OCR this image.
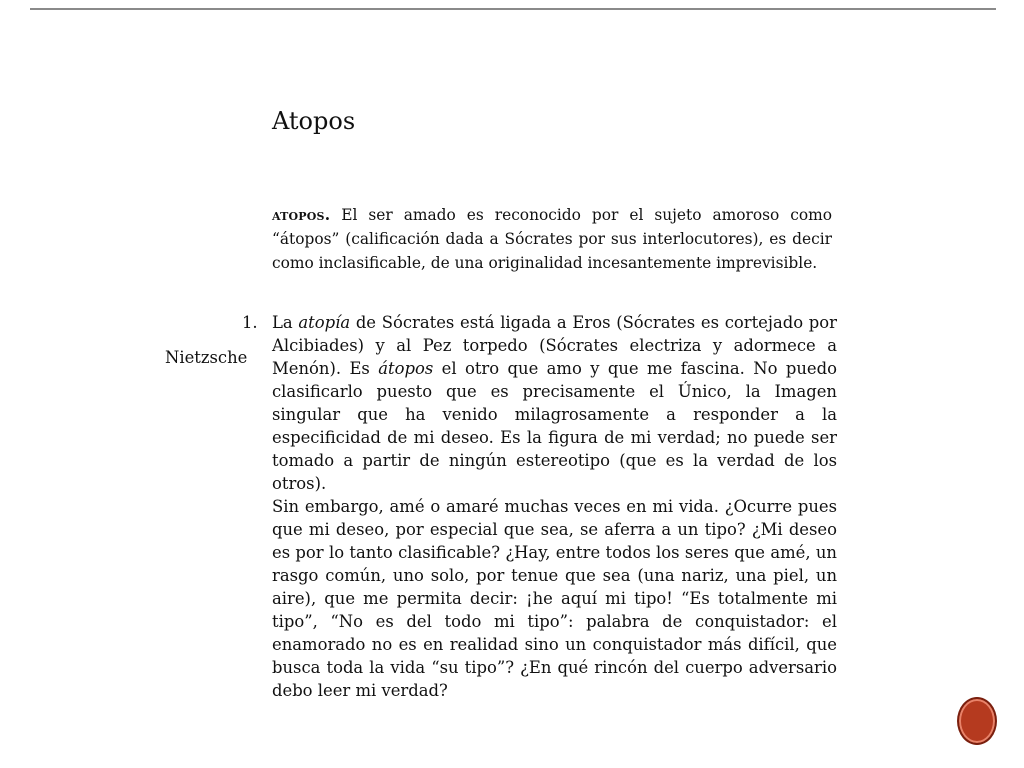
Atopos

atopos. El ser amado es reconocido por el sujeto amoroso como “átopos” (calificación dada a Sócrates por sus interlocutores), es decir como inclasificable, de una originalidad incesantemente imprevisible.

Nietzsche
1. La atopía de Sócrates está ligada a Eros (Sócrates es cortejado por Alcibiades) y al Pez torpedo (Sócrates electriza y adormece a Menón). Es átopos el otro que amo y que me fascina. No puedo clasificarlo puesto que es precisamente el Único, la Imagen singular que ha venido milagrosamente a responder a la especificidad de mi deseo. Es la figura de mi verdad; no puede ser tomado a partir de ningún estereotipo (que es la verdad de los otros).

Sin embargo, amé o amaré muchas veces en mi vida. ¿Ocurre pues que mi deseo, por especial que sea, se aferra a un tipo? ¿Mi deseo es por lo tanto clasificable? ¿Hay, entre todos los seres que amé, un rasgo común, uno solo, por tenue que sea (una nariz, una piel, un aire), que me permita decir: ¡he aquí mi tipo! “Es totalmente mi tipo”, “No es del todo mi tipo”: palabra de conquistador: el enamorado no es en realidad sino un conquistador más difícil, que busca toda la vida “su tipo”? ¿En qué rincón del cuerpo adversario debo leer mi verdad?
